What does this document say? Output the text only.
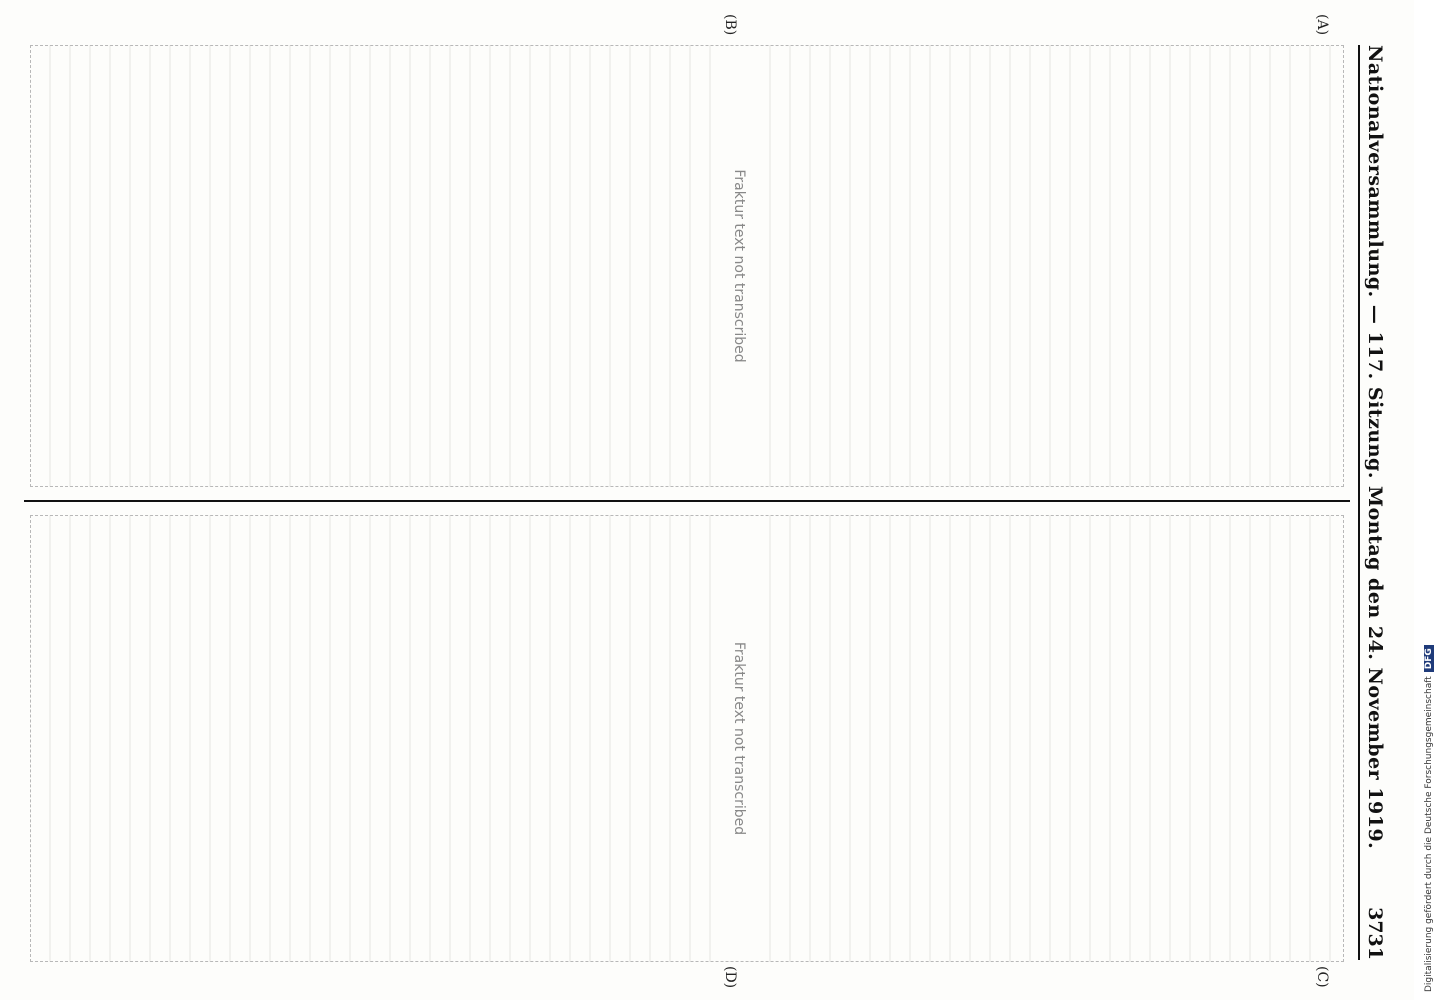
Nationalversammlung. — 117. Sitzung. Montag den 24. November 1919.
3731
(A)
(B)
(C)
(D)
Fraktur text not transcribed
Fraktur text not transcribed	Digitalisierung gefördert durch die Deutsche ForschungsgemeinschaftDFG
